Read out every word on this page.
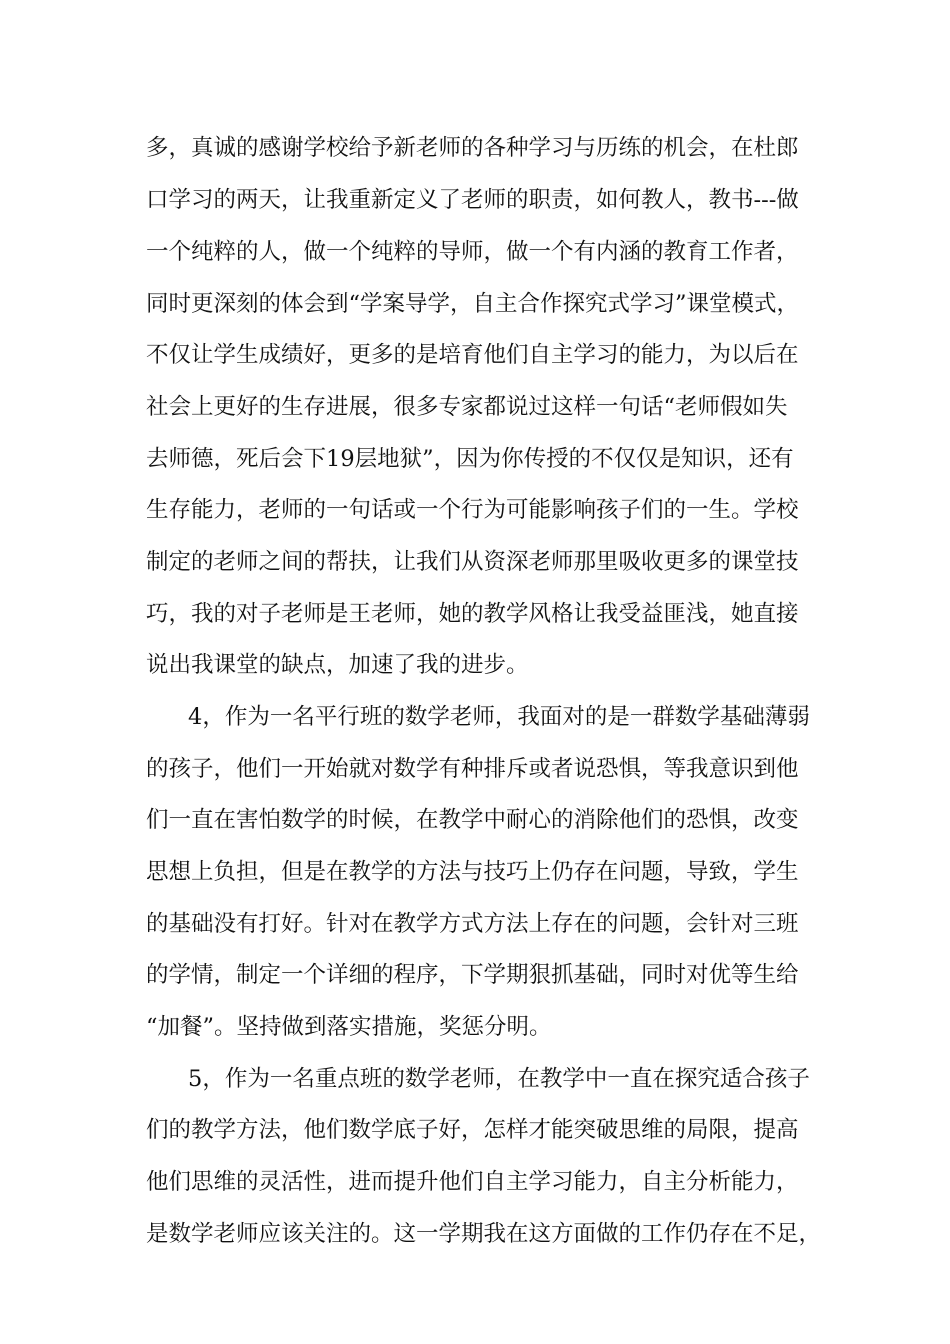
多，真诚的感谢学校给予新老师的各种学习与历练的机会，在杜郎
口学习的两天，让我重新定义了老师的职责，如何教人，教书---做
一个纯粹的人，做一个纯粹的导师，做一个有内涵的教育工作者，
同时更深刻的体会到“学案导学，自主合作探究式学习”课堂模式，
不仅让学生成绩好，更多的是培育他们自主学习的能力，为以后在
社会上更好的生存进展，很多专家都说过这样一句话“老师假如失
去师德，死后会下19层地狱”，因为你传授的不仅仅是知识，还有
生存能力，老师的一句话或一个行为可能影响孩子们的一生。学校
制定的老师之间的帮扶，让我们从资深老师那里吸收更多的课堂技
巧，我的对子老师是王老师，她的教学风格让我受益匪浅，她直接
说出我课堂的缺点，加速了我的进步。
4，作为一名平行班的数学老师，我面对的是一群数学基础薄弱
的孩子，他们一开始就对数学有种排斥或者说恐惧，等我意识到他
们一直在害怕数学的时候，在教学中耐心的消除他们的恐惧，改变
思想上负担，但是在教学的方法与技巧上仍存在问题，导致，学生
的基础没有打好。针对在教学方式方法上存在的问题，会针对三班
的学情，制定一个详细的程序，下学期狠抓基础，同时对优等生给
“加餐”。坚持做到落实措施，奖惩分明。
5，作为一名重点班的数学老师，在教学中一直在探究适合孩子
们的教学方法，他们数学底子好，怎样才能突破思维的局限，提高
他们思维的灵活性，进而提升他们自主学习能力，自主分析能力，
是数学老师应该关注的。这一学期我在这方面做的工作仍存在不足，
